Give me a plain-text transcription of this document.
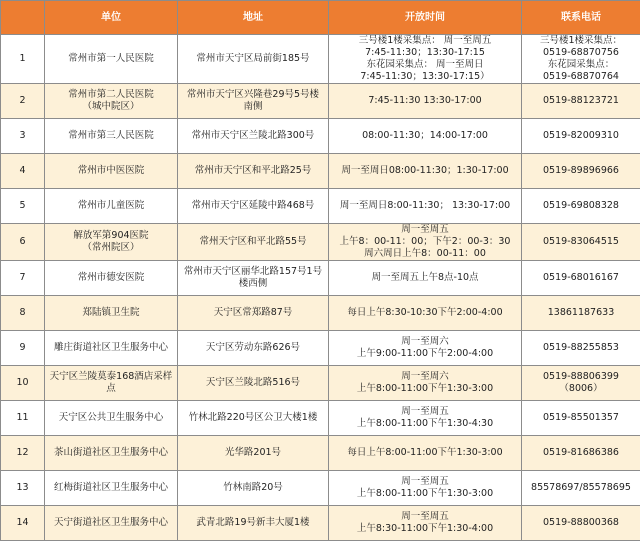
	单位	地址	开放时间	联系电话
1	常州市第一人民医院	常州市天宁区局前街185号	三号楼1楼采集点： 周一至周五
7:45-11:30；13:30-17:15
东花园采集点： 周一至周日
7:45-11:30；13:30-17:15）	三号楼1楼采集点：
0519-68870756
东花园采集点：
0519-68870764

2	常州市第二人民医院
（城中院区）	常州市天宁区兴隆巷29号5号楼
南侧	7:45-11:30 13:30-17:00	0519-88123721

3	常州市第三人民医院	常州市天宁区兰陵北路300号	08:00-11:30；14:00-17:00	0519-82009310

4	常州市中医医院	常州市天宁区和平北路25号	周一至周日08:00-11:30；1:30-17:00	0519-89896966

5	常州市儿童医院	常州市天宁区延陵中路468号	周一至周日8:00-11:30； 13:30-17:00	0519-69808328

6	解放军第904医院
（常州院区）	常州天宁区和平北路55号	周一至周五
上午8：00-11：00；下午2：00-3：30
周六周日上午8：00-11：00	0519-83064515

7	常州市德安医院	常州市天宁区丽华北路157号1号
楼西侧	周一至周五上午8点-10点	0519-68016167

8	郑陆镇卫生院	天宁区常郑路87号	每日上午8:30-10:30下午2:00-4:00	13861187633

9	雕庄街道社区卫生服务中心	天宁区劳动东路626号	周一至周六
上午9:00-11:00下午2:00-4:00	0519-88255853

10	天宁区兰陵莫泰168酒店采样
点	天宁区兰陵北路516号	周一至周六
上午8:00-11:00下午1:30-3:00	0519-88806399
（8006）

11	天宁区公共卫生服务中心	竹林北路220号区公卫大楼1楼	周一至周五
上午8:00-11:00下午1:30-4:30	0519-85501357

12	茶山街道社区卫生服务中心	光华路201号	每日上午8:00-11:00下午1:30-3:00	0519-81686386

13	红梅街道社区卫生服务中心	竹林南路20号	周一至周五
上午8:00-11:00下午1:30-3:00	85578697/85578695

14	天宁街道社区卫生服务中心	武青北路19号新丰大厦1楼	周一至周五
上午8:30-11:00下午1:30-4:00	0519-88800368
